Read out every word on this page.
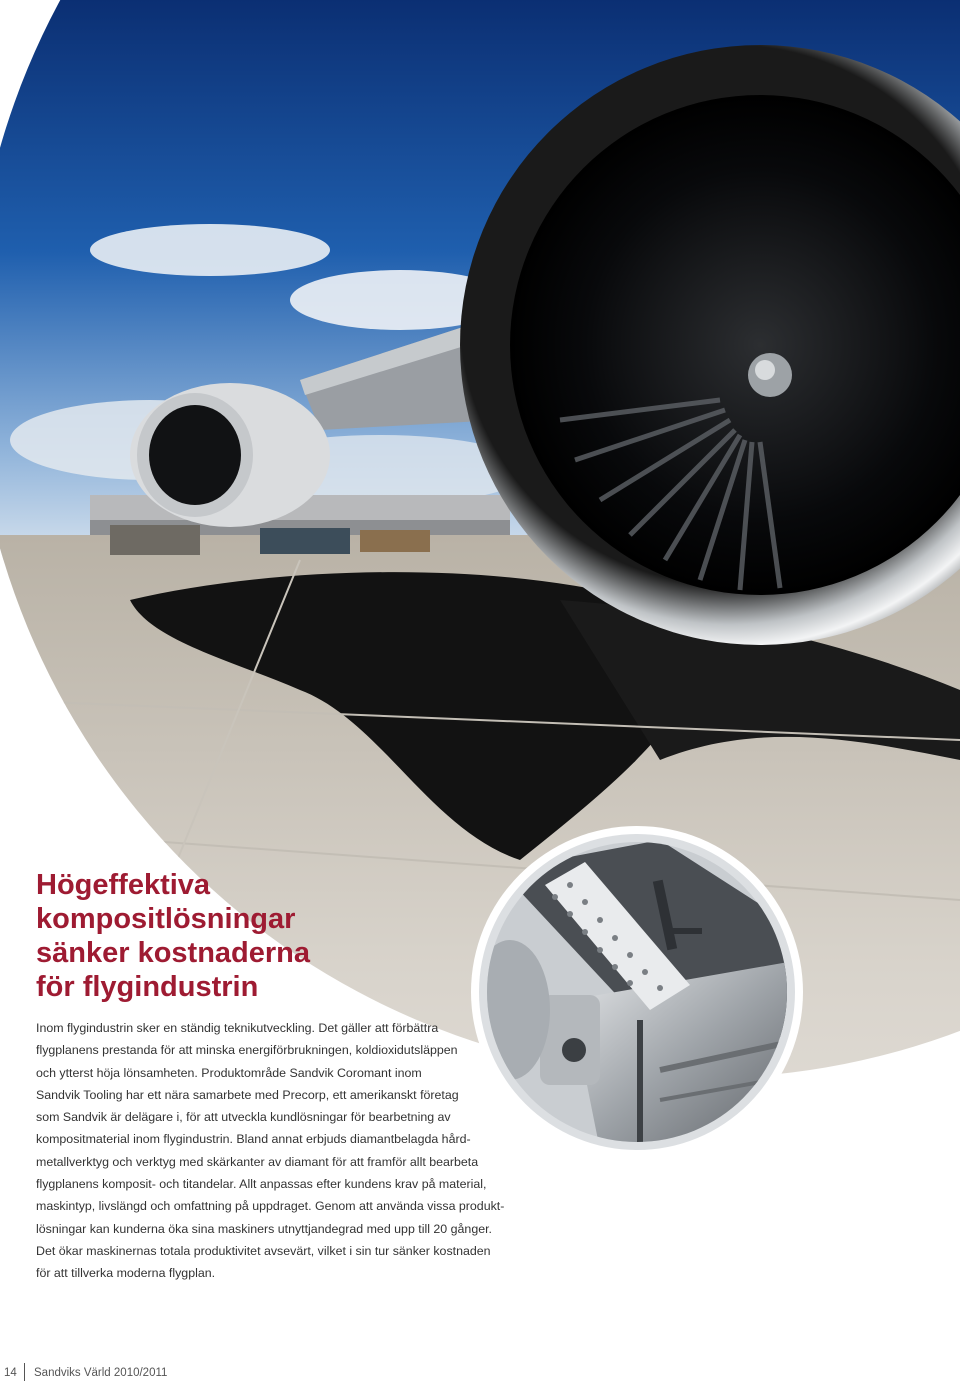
Högeffektiva
kompositlösningar
sänker kostnaderna
för flygindustrin

Inom flygindustrin sker en ständig teknikutveckling. Det gäller att förbättra
flygplanens prestanda för att minska energiförbrukningen, koldioxidutsläppen
och ytterst höja lönsamheten. Produktområde Sandvik Coromant inom
Sandvik Tooling har ett nära samarbete med Precorp, ett amerikanskt företag
som Sandvik är delägare i, för att utveckla kundlösningar för bearbetning av
kompositmaterial inom flygindustrin. Bland annat erbjuds diamantbelagda hård-
metallverktyg och verktyg med skärkanter av diamant för att framför allt bearbeta
flygplanens komposit- och titandelar. Allt anpassas efter kundens krav på material,
maskintyp, livslängd och omfattning på uppdraget. Genom att använda vissa produkt-
lösningar kan kunderna öka sina maskiners utnyttjandegrad med upp till 20 gånger.
Det ökar maskinernas totala produktivitet avsevärt, vilket i sin tur sänker kostnaden
för att tillverka moderna flygplan.

14 Sandviks Värld 2010/2011
